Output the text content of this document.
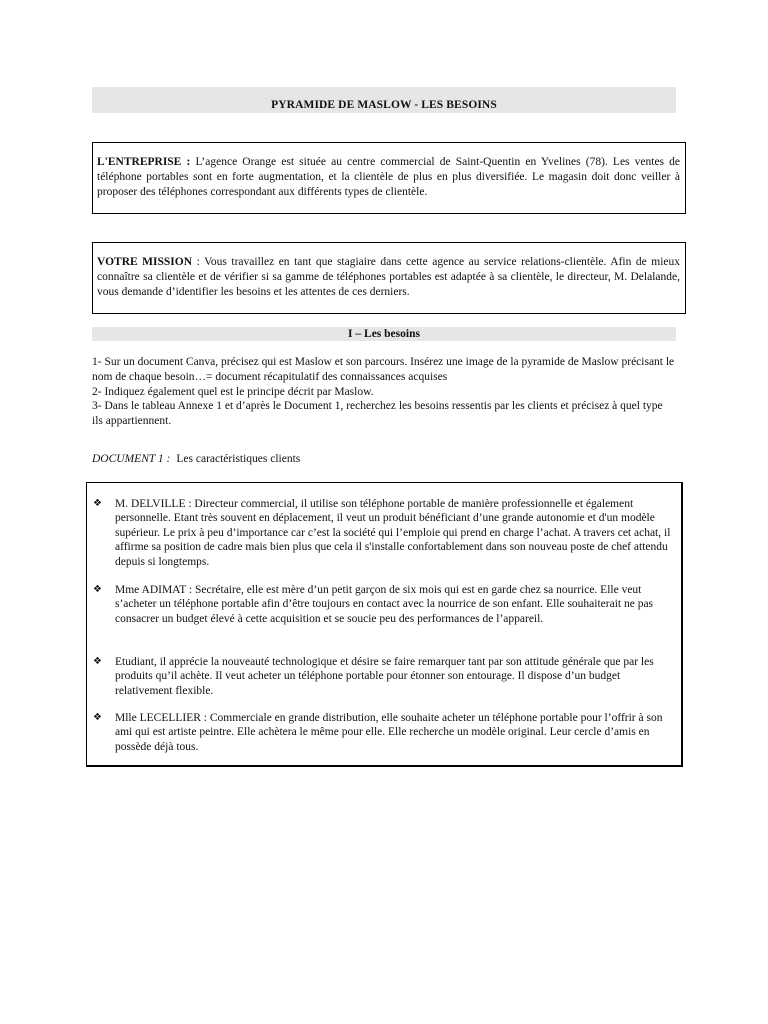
PYRAMIDE DE MASLOW - LES BESOINS
L'ENTREPRISE : L’agence Orange est située au centre commercial de Saint-Quentin en Yvelines (78). Les ventes de téléphone portables sont en forte augmentation, et la clientèle de plus en plus diversifiée. Le magasin doit donc veiller à proposer des téléphones correspondant aux différents types de clientèle.
VOTRE MISSION : Vous travaillez en tant que stagiaire dans cette agence au service relations-clientèle. Afin de mieux connaître sa clientèle et de vérifier si sa gamme de téléphones portables est adaptée à sa clientèle, le directeur, M. Delalande, vous demande d’identifier les besoins et les attentes de ces derniers.
I – Les besoins

1- Sur un document Canva, précisez qui est Maslow et son parcours. Insérez une image de la pyramide de Maslow précisant le nom de chaque besoin…= document récapitulatif des connaissances acquises

2- Indiquez également quel est le principe décrit par Maslow.

3- Dans le tableau Annexe 1 et d’après le Document 1, recherchez les besoins ressentis par les clients et précisez à quel type ils appartiennent.

DOCUMENT 1 : Les caractéristiques clients
❖	M. DELVILLE : Directeur commercial, il utilise son téléphone portable de manière professionnelle et également personnelle. Etant très souvent en déplacement, il veut un produit bénéficiant d’une grande autonomie et d'un modèle supérieur. Le prix à peu d’importance car c’est la société qui l’emploie qui prend en charge l’achat. A travers cet achat, il affirme sa position de cadre mais bien plus que cela il s'installe confortablement dans son nouveau poste de chef attendu depuis si longtemps.
❖	Mme ADIMAT : Secrétaire, elle est mère d’un petit garçon de six mois qui est en garde chez sa nourrice. Elle veut s’acheter un téléphone portable afin d’être toujours en contact avec la nourrice de son enfant. Elle souhaiterait ne pas consacrer un budget élevé à cette acquisition et se soucie peu des performances de l’appareil.
❖	Etudiant, il apprécie la nouveauté technologique et désire se faire remarquer tant par son attitude générale que par les produits qu’il achète. Il veut acheter un téléphone portable pour étonner son entourage. Il dispose d’un budget relativement flexible.
❖	Mlle LECELLIER : Commerciale en grande distribution, elle souhaite acheter un téléphone portable pour l’offrir à son ami qui est artiste peintre. Elle achètera le même pour elle. Elle recherche un modèle original. Leur cercle d’amis en possède déjà tous.
